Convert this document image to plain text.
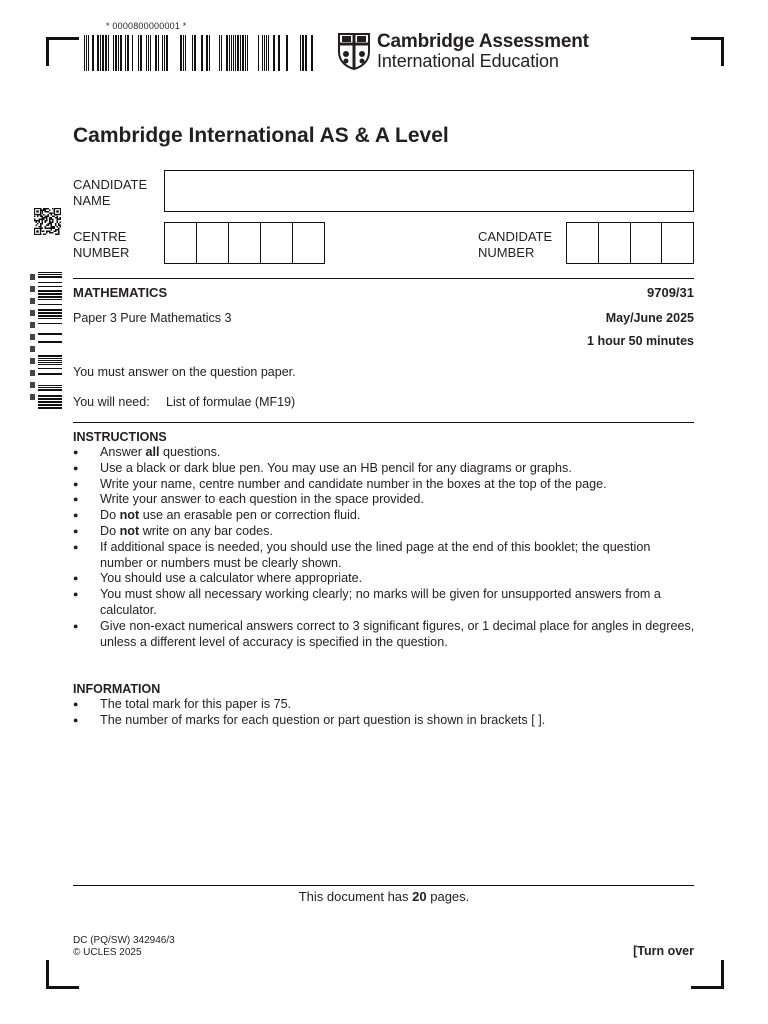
* 0000800000001 *
Cambridge Assessment
International Education
Cambridge International AS & A Level
CANDIDATE
NAME
CENTRE
NUMBER
CANDIDATE
NUMBER
MATHEMATICS	9709/31
Paper 3 Pure Mathematics 3	May/June 2025
1 hour 50 minutes
You must answer on the question paper.
You will need: List of formulae (MF19)
INSTRUCTIONS
● Answer all questions.
● Use a black or dark blue pen. You may use an HB pencil for any diagrams or graphs.
● Write your name, centre number and candidate number in the boxes at the top of the page.
● Write your answer to each question in the space provided.
● Do not use an erasable pen or correction fluid.
● Do not write on any bar codes.
● If additional space is needed, you should use the lined page at the end of this booklet; the question number or numbers must be clearly shown.
● You should use a calculator where appropriate.
● You must show all necessary working clearly; no marks will be given for unsupported answers from a calculator.
● Give non-exact numerical answers correct to 3 significant figures, or 1 decimal place for angles in degrees, unless a different level of accuracy is specified in the question.
INFORMATION
● The total mark for this paper is 75.
● The number of marks for each question or part question is shown in brackets [ ].
This document has 20 pages.
DC (PQ/SW) 342946/3
© UCLES 2025	[Turn over
